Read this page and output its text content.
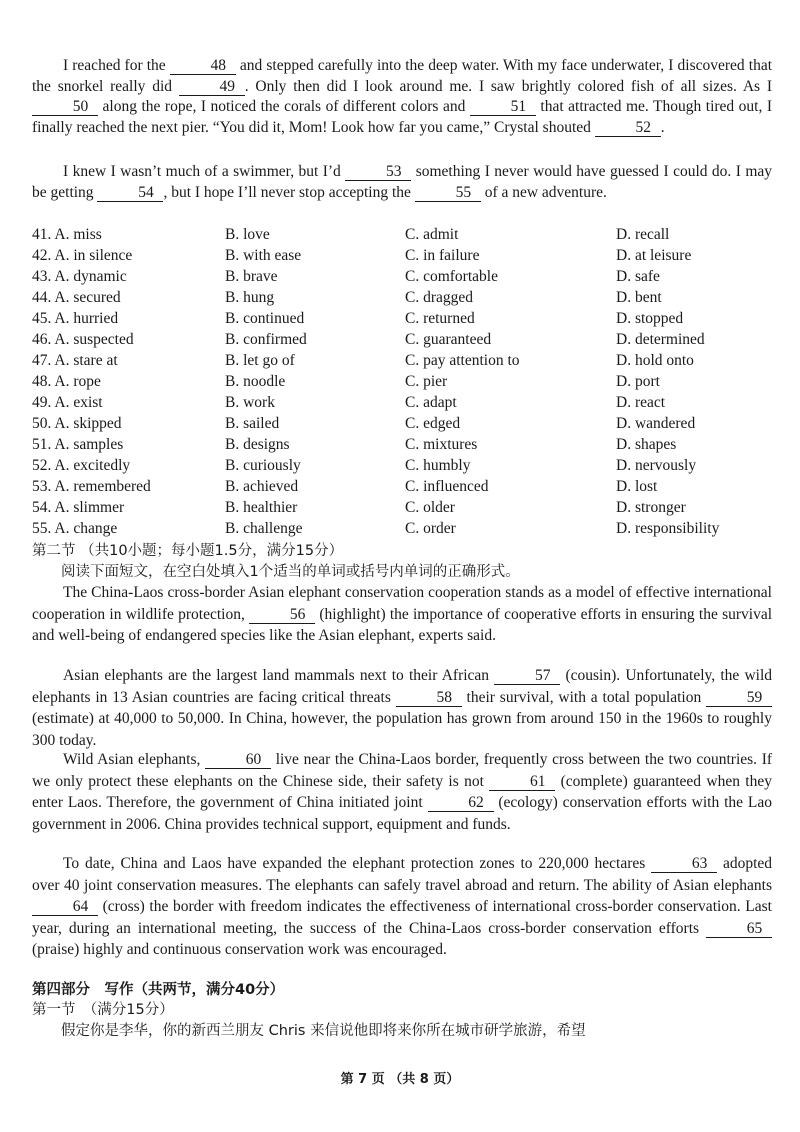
I reached for the	48 and stepped carefully into the deep water. With my face underwater, I discovered that the snorkel really did	49 . Only then did I look around me. I saw brightly colored fish of all sizes. As I 50 along the rope, I noticed the corals of different colors and	51 that attracted me. Though tired out, I finally reached the next pier. “You did it, Mom! Look how far you came,” Crystal shouted	52 .
I knew I wasn’t much of a swimmer, but I’d	53 something I never would have guessed I could do. I may be getting	54 , but I hope I’ll never stop accepting the	55 of a new adventure.
41. A. miss	B. love	C. admit	D. recall
42. A. in silence	B. with ease	C. in failure	D. at leisure
43. A. dynamic	B. brave	C. comfortable	D. safe
44. A. secured	B. hung	C. dragged	D. bent
45. A. hurried	B. continued	C. returned	D. stopped
46. A. suspected	B. confirmed	C. guaranteed	D. determined
47. A. stare at	B. let go of	C. pay attention to	D. hold onto
48. A. rope	B. noodle	C. pier	D. port
49. A. exist	B. work	C. adapt	D. react
50. A. skipped	B. sailed	C. edged	D. wandered
51. A. samples	B. designs	C. mixtures	D. shapes
52. A. excitedly	B. curiously	C. humbly	D. nervously
53. A. remembered	B. achieved	C. influenced	D. lost
54. A. slimmer	B. healthier	C. older	D. stronger
55. A. change	B. challenge	C. order	D. responsibility
第二节 （共10小题；每小题1.5分，满分15分）
阅读下面短文，在空白处填入1个适当的单词或括号内单词的正确形式。
The China-Laos cross-border Asian elephant conservation cooperation stands as a model of effective international cooperation in wildlife protection,	56 (highlight) the importance of cooperative efforts in ensuring the survival and well-being of endangered species like the Asian elephant, experts said.
Asian elephants are the largest land mammals next to their African	57 (cousin). Unfortunately, the wild elephants in 13 Asian countries are facing critical threats	58 their survival, with a total population	59 (estimate) at 40,000 to 50,000. In China, however, the population has grown from around 150 in the 1960s to roughly 300 today.
Wild Asian elephants,	60 live near the China-Laos border, frequently cross between the two countries. If we only protect these elephants on the Chinese side, their safety is not	61 (complete) guaranteed when they enter Laos. Therefore, the government of China initiated joint	62 (ecology) conservation efforts with the Lao government in 2006. China provides technical support, equipment and funds.
To date, China and Laos have expanded the elephant protection zones to 220,000 hectares	63 adopted over 40 joint conservation measures. The elephants can safely travel abroad and return. The ability of Asian elephants 64 (cross) the border with freedom indicates the effectiveness of international cross-border conservation. Last year, during an international meeting, the success of the China-Laos cross-border conservation efforts	65 (praise) highly and continuous conservation work was encouraged.
第四部分　写作（共两节，满分40分）
第一节　（满分15分）
假定你是李华，你的新西兰朋友 Chris 来信说他即将来你所在城市研学旅游，希望
第 7 页 （共 8 页）
